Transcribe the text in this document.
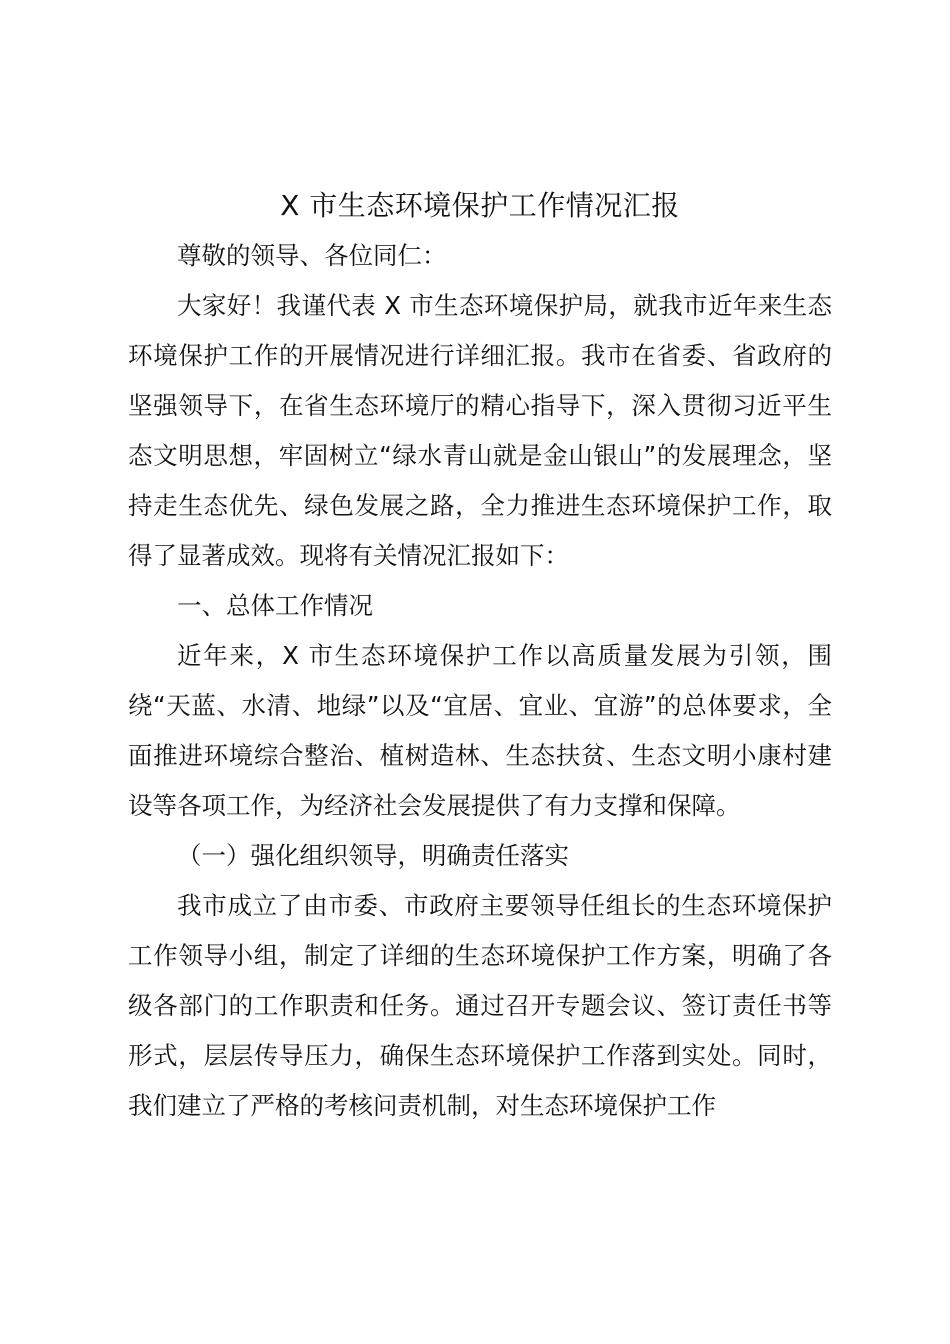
X 市生态环境保护工作情况汇报

尊敬的领导、各位同仁：

大家好！我谨代表 X 市生态环境保护局，就我市近年来生态环境保护工作的开展情况进行详细汇报。我市在省委、省政府的坚强领导下，在省生态环境厅的精心指导下，深入贯彻习近平生态文明思想，牢固树立“绿水青山就是金山银山”的发展理念，坚持走生态优先、绿色发展之路，全力推进生态环境保护工作，取得了显著成效。现将有关情况汇报如下：

一、总体工作情况

近年来，X 市生态环境保护工作以高质量发展为引领，围绕“天蓝、水清、地绿”以及“宜居、宜业、宜游”的总体要求，全面推进环境综合整治、植树造林、生态扶贫、生态文明小康村建设等各项工作，为经济社会发展提供了有力支撑和保障。

（一）强化组织领导，明确责任落实

我市成立了由市委、市政府主要领导任组长的生态环境保护工作领导小组，制定了详细的生态环境保护工作方案，明确了各级各部门的工作职责和任务。通过召开专题会议、签订责任书等形式，层层传导压力，确保生态环境保护工作落到实处。同时，我们建立了严格的考核问责机制，对生态环境保护工作
